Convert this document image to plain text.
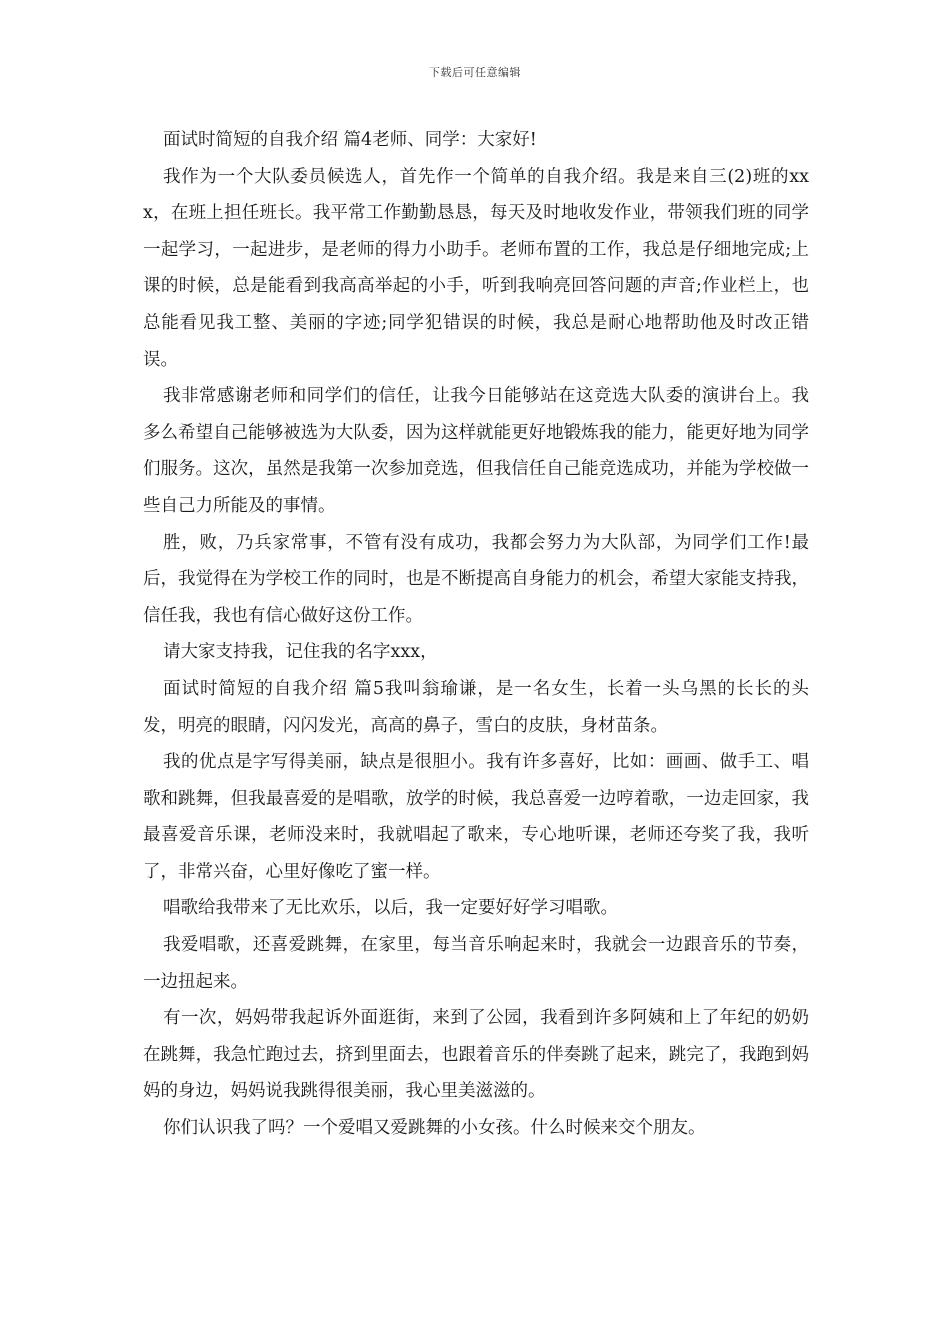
下载后可任意编辑

面试时简短的自我介绍 篇4老师、同学：大家好!

我作为一个大队委员候选人，首先作一个简单的自我介绍。我是来自三(2)班的xxx，在班上担任班长。我平常工作勤勤恳恳，每天及时地收发作业，带领我们班的同学一起学习，一起进步，是老师的得力小助手。老师布置的工作，我总是仔细地完成;上课的时候，总是能看到我高高举起的小手，听到我响亮回答问题的声音;作业栏上，也总能看见我工整、美丽的字迹;同学犯错误的时候，我总是耐心地帮助他及时改正错误。

我非常感谢老师和同学们的信任，让我今日能够站在这竞选大队委的演讲台上。我多么希望自己能够被选为大队委，因为这样就能更好地锻炼我的能力，能更好地为同学们服务。这次，虽然是我第一次参加竞选，但我信任自己能竞选成功，并能为学校做一些自己力所能及的事情。

胜，败，乃兵家常事，不管有没有成功，我都会努力为大队部，为同学们工作!最后，我觉得在为学校工作的同时，也是不断提高自身能力的机会，希望大家能支持我，信任我，我也有信心做好这份工作。

请大家支持我，记住我的名字xxx，

面试时简短的自我介绍 篇5我叫翁瑜谦，是一名女生，长着一头乌黑的长长的头发，明亮的眼睛，闪闪发光，高高的鼻子，雪白的皮肤，身材苗条。

我的优点是字写得美丽，缺点是很胆小。我有许多喜好，比如：画画、做手工、唱歌和跳舞，但我最喜爱的是唱歌，放学的时候，我总喜爱一边哼着歌，一边走回家，我最喜爱音乐课，老师没来时，我就唱起了歌来，专心地听课，老师还夸奖了我，我听了，非常兴奋，心里好像吃了蜜一样。

唱歌给我带来了无比欢乐，以后，我一定要好好学习唱歌。

我爱唱歌，还喜爱跳舞，在家里，每当音乐响起来时，我就会一边跟音乐的节奏，一边扭起来。

有一次，妈妈带我起诉外面逛街，来到了公园，我看到许多阿姨和上了年纪的奶奶在跳舞，我急忙跑过去，挤到里面去，也跟着音乐的伴奏跳了起来，跳完了，我跑到妈妈的身边，妈妈说我跳得很美丽，我心里美滋滋的。

你们认识我了吗？一个爱唱又爱跳舞的小女孩。什么时候来交个朋友。
